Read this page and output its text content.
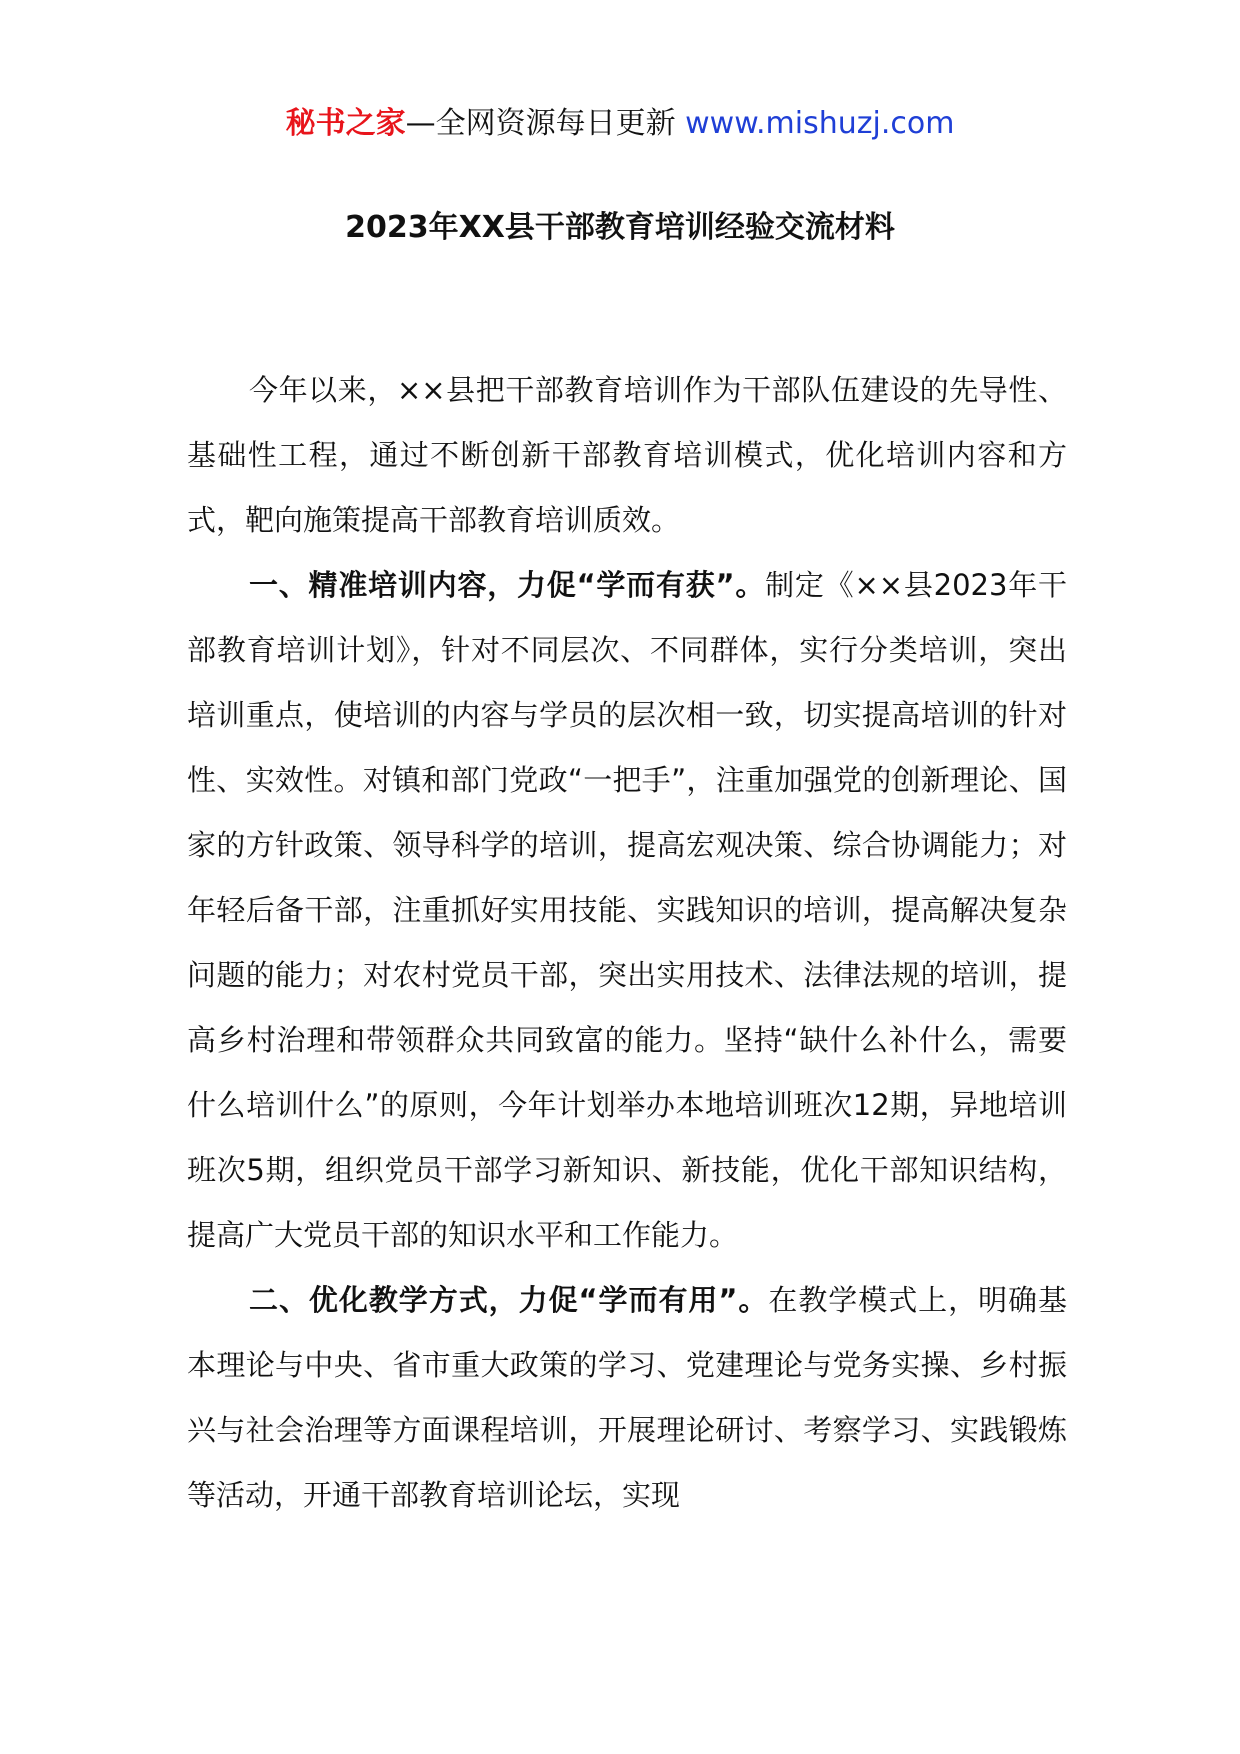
秘书之家—全网资源每日更新 www.mishuzj.com
2023年XX县干部教育培训经验交流材料

今年以来，××县把干部教育培训作为干部队伍建设的先导性、基础性工程，通过不断创新干部教育培训模式，优化培训内容和方式，靶向施策提高干部教育培训质效。

一、精准培训内容，力促“学而有获”。制定《××县2023年干部教育培训计划》，针对不同层次、不同群体，实行分类培训，突出培训重点，使培训的内容与学员的层次相一致，切实提高培训的针对性、实效性。对镇和部门党政“一把手”，注重加强党的创新理论、国家的方针政策、领导科学的培训，提高宏观决策、综合协调能力；对年轻后备干部，注重抓好实用技能、实践知识的培训，提高解决复杂问题的能力；对农村党员干部，突出实用技术、法律法规的培训，提高乡村治理和带领群众共同致富的能力。坚持“缺什么补什么，需要什么培训什么”的原则，今年计划举办本地培训班次12期，异地培训班次5期，组织党员干部学习新知识、新技能，优化干部知识结构，提高广大党员干部的知识水平和工作能力。

二、优化教学方式，力促“学而有用”。在教学模式上，明确基本理论与中央、省市重大政策的学习、党建理论与党务实操、乡村振兴与社会治理等方面课程培训，开展理论研讨、考察学习、实践锻炼等活动，开通干部教育培训论坛，实现
